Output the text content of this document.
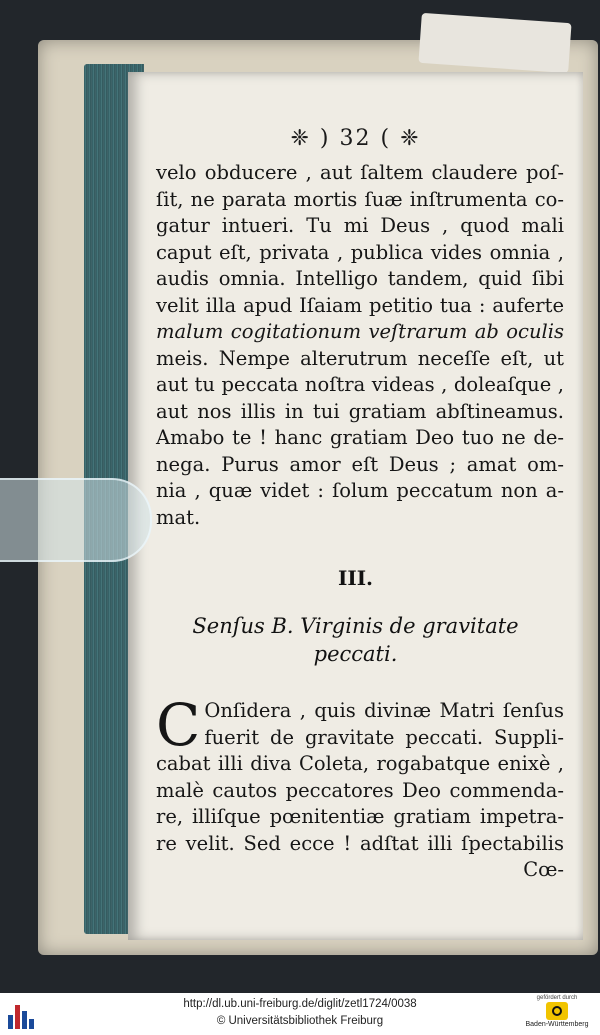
❈ ) 32 ( ❈
velo obducere , aut ſaltem claudere poſ-
ſit, ne parata mortis ſuæ inſtrumenta co-
gatur intueri. Tu mi Deus , quod mali
caput eſt, privata , publica vides omnia ,
audis omnia. Intelligo tandem, quid ſibi
velit illa apud Iſaiam petitio tua : auferte
malum cogitationum veſtrarum ab oculis
meis. Nempe alterutrum neceſſe eſt, ut
aut tu peccata noſtra videas , doleaſque ,
aut nos illis in tui gratiam abſtineamus.
Amabo te ! hanc gratiam Deo tuo ne de-
nega. Purus amor eſt Deus ; amat om-
nia , quæ videt : ſolum peccatum non a-
mat.
III.
Senſus B. Virginis de gravitate
peccati.
C Onſidera , quis divinæ Matri ſenſus
fuerit de gravitate peccati. Suppli-
cabat illi diva Coleta, rogabatque enixè ,
malè cautos peccatores Deo commenda-
re, illiſque pœnitentiæ gratiam impetra-
re velit. Sed ecce ! adſtat illi ſpectabilis
Cœ-
http://dl.ub.uni-freiburg.de/diglit/zetl1724/0038
© Universitätsbibliothek Freiburg
gefördert durch
Baden-Württemberg
